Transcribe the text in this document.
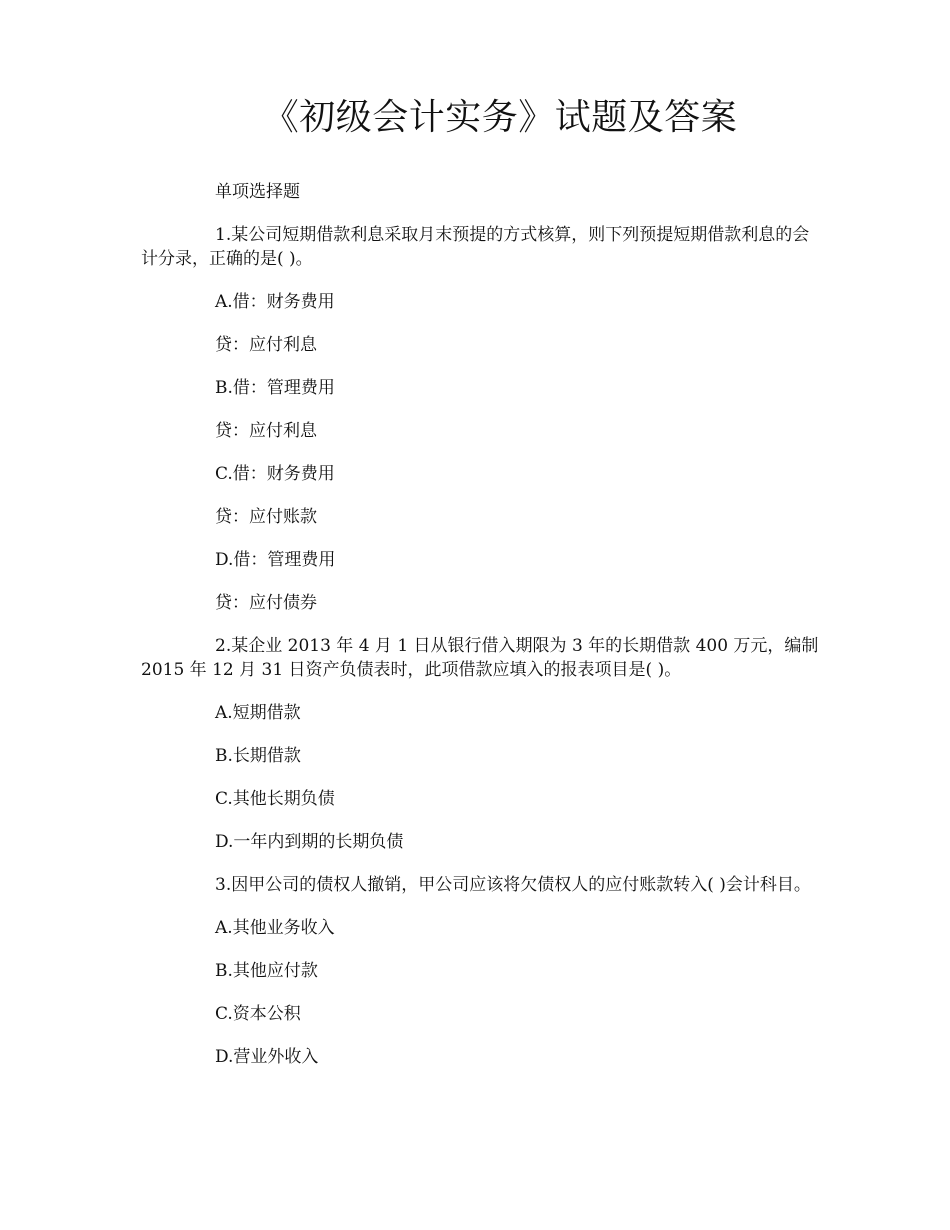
《初级会计实务》试题及答案

单项选择题

1.某公司短期借款利息采取月末预提的方式核算，则下列预提短期借款利息的会计分录，正确的是( )。

A.借：财务费用

贷：应付利息

B.借：管理费用

贷：应付利息

C.借：财务费用

贷：应付账款

D.借：管理费用

贷：应付债券

2.某企业 2013 年 4 月 1 日从银行借入期限为 3 年的长期借款 400 万元，编制 2015 年 12 月 31 日资产负债表时，此项借款应填入的报表项目是( )。

A.短期借款

B.长期借款

C.其他长期负债

D.一年内到期的长期负债

3.因甲公司的债权人撤销，甲公司应该将欠债权人的应付账款转入( )会计科目。

A.其他业务收入

B.其他应付款

C.资本公积

D.营业外收入
